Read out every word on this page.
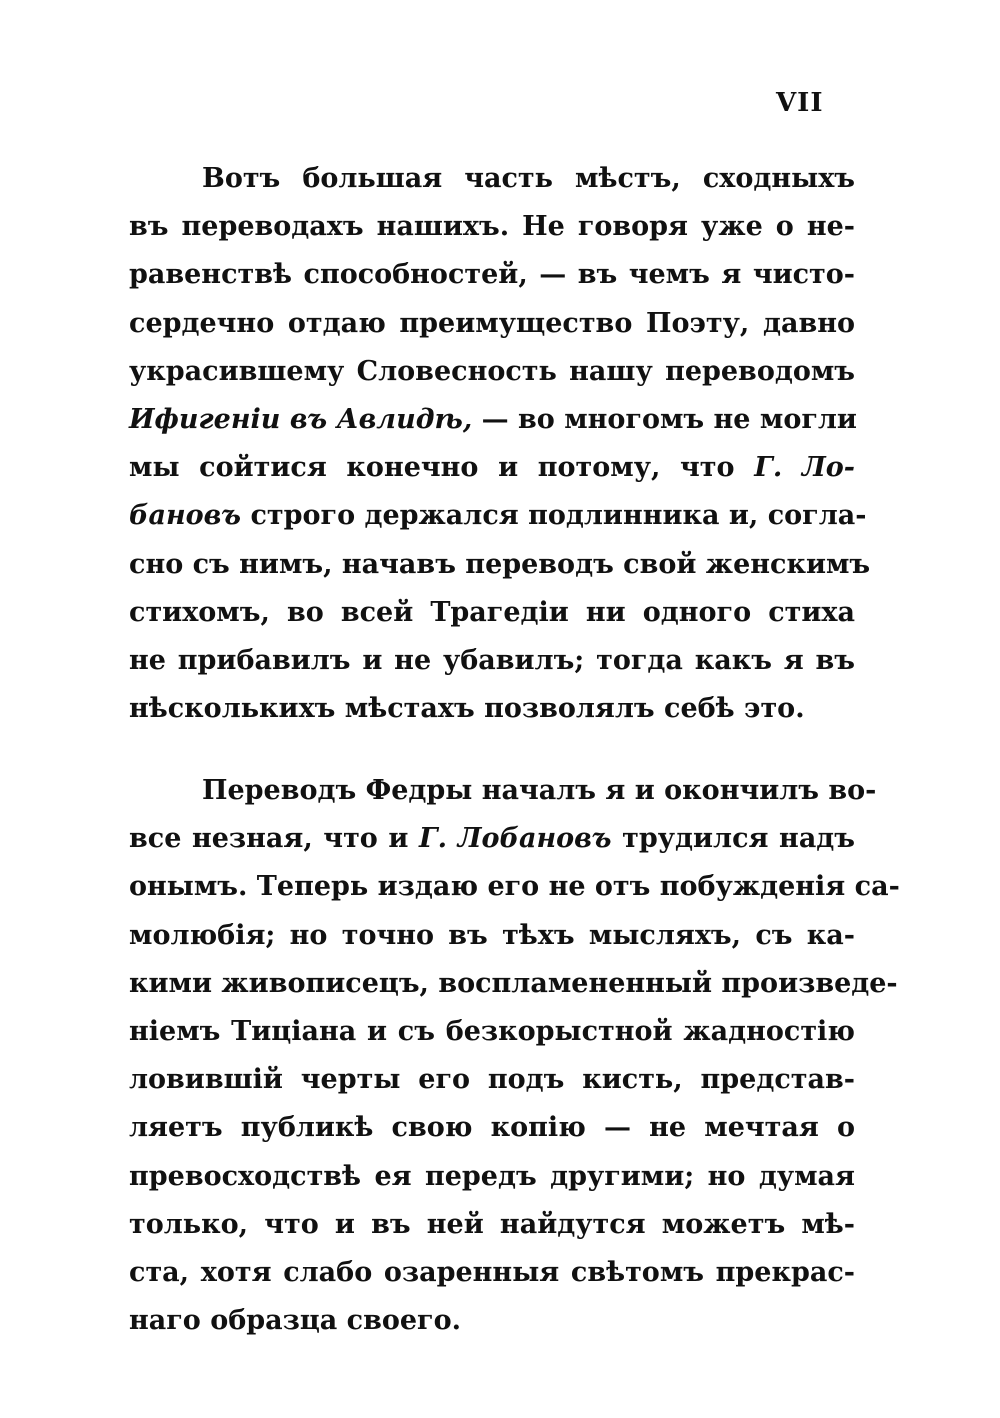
VII

Вотъ большая часть мѣстъ, сходныхъ

въ переводахъ нашихъ. Не говоря уже о не-

равенствѣ способностей, — въ чемъ я чисто-

сердечно отдаю преимущество Поэту, давно

украсившему Словесность нашу переводомъ

Ифигеніи въ Авлидѣ, — во многомъ не могли

мы сойтися конечно и потому, что Г. Ло-

бановъ строго держался подлинника и, согла-

сно съ нимъ, начавъ переводъ свой женскимъ

стихомъ, во всей Трагедіи ни одного стиха

не прибавилъ и не убавилъ; тогда какъ я въ

нѣсколькихъ мѣстахъ позволялъ себѣ это.

Переводъ Федры началъ я и окончилъ во-

все незная, что и Г. Лобановъ трудился надъ

онымъ. Теперь издаю его не отъ побужденія са-

молюбія; но точно въ тѣхъ мысляхъ, съ ка-

кими живописецъ, воспламененный произведе-

ніемъ Тиціана и съ безкорыстной жадностію

ловившій черты его подъ кисть, представ-

ляетъ публикѣ свою копію — не мечтая о

превосходствѣ ея передъ другими; но думая

только, что и въ ней найдутся можетъ мѣ-

ста, хотя слабо озаренныя свѣтомъ прекрас-

наго образца своего.
